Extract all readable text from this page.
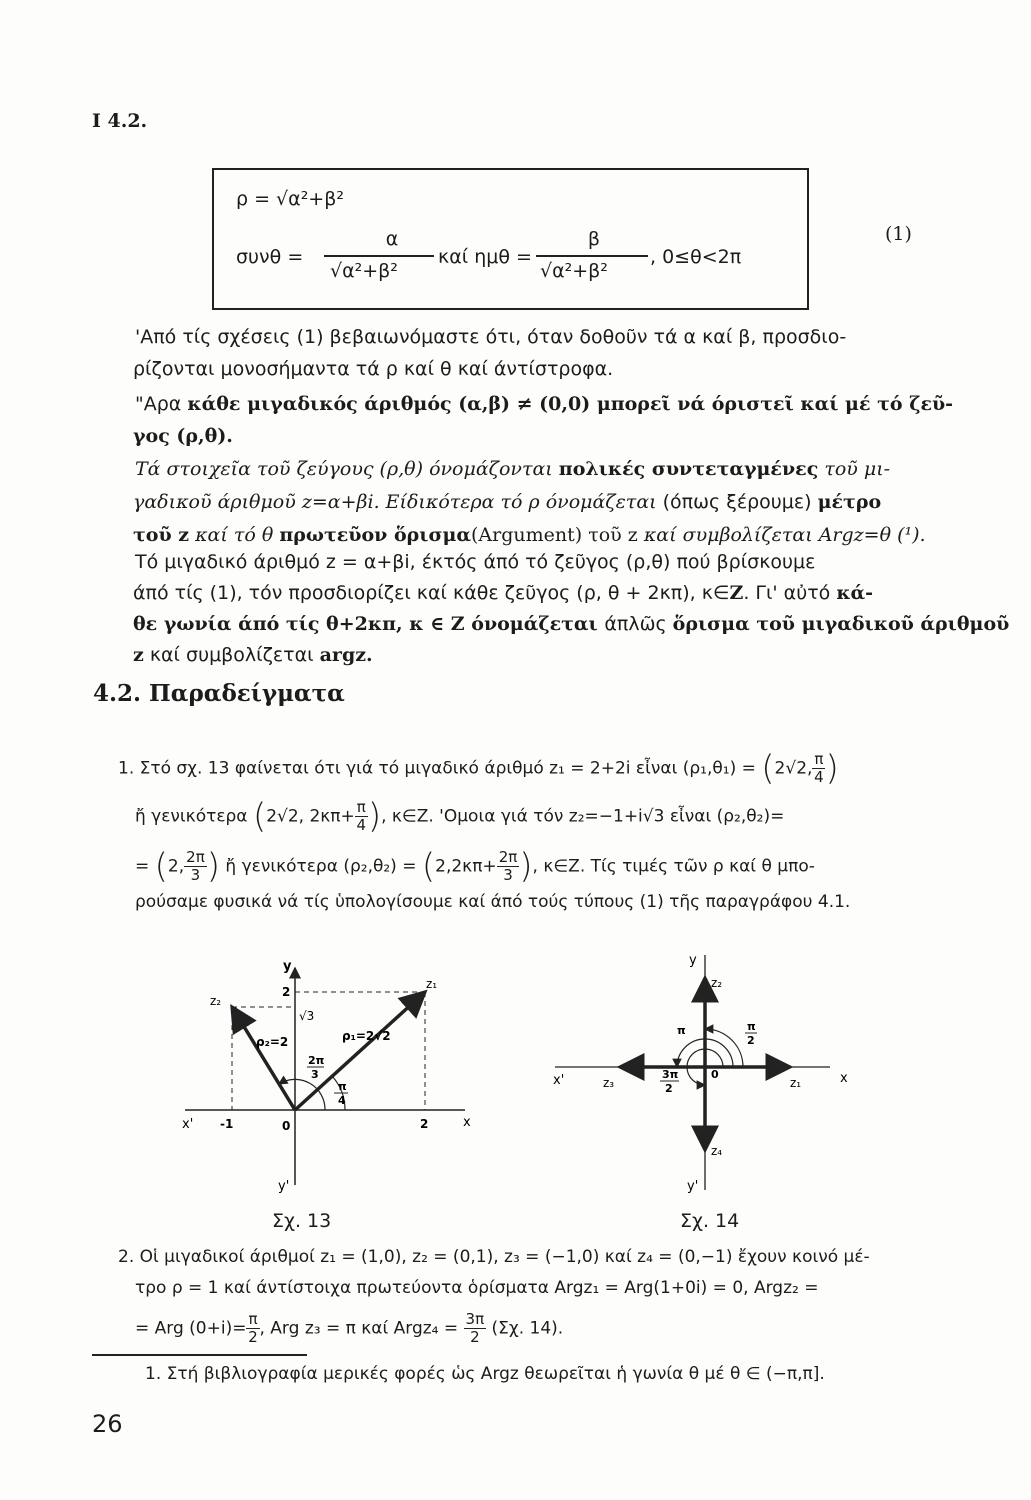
I 4.2.
ρ = √α²+β²
συνθ =
α
√α²+β²
καί ημθ =
β
√α²+β²
, 0≤θ<2π
(1)
'Από τίς σχέσεις (1) βεβαιωνόμαστε ότι, όταν δοθοῦν τά α καί β, προσδιο-
ρίζονται μονοσήμαντα τά ρ καί θ καί άντίστροφα.
"Αρα κάθε μιγαδικός άριθμός (α,β) ≠ (0,0) μπορεῖ νά όριστεῖ καί μέ τό ζεῦ-
γος (ρ,θ).
Τά στοιχεῖα τοῦ ζεύγους (ρ,θ) όνομάζονται πολικές συντεταγμένες τοῦ μι-
γαδικοῦ άριθμοῦ z=α+βi. Είδικότερα τό ρ όνομάζεται (όπως ξέρουμε) μέτρο
τοῦ z καί τό θ πρωτεῦον ὅρισμα(Argument) τοῦ z καί συμβολίζεται Argz=θ (¹).
Τό μιγαδικό άριθμό z = α+βi, έκτός άπό τό ζεῦγος (ρ,θ) πού βρίσκουμε
άπό τίς (1), τόν προσδιορίζει καί κάθε ζεῦγος (ρ, θ + 2κπ), κ∈Z. Γι' αὐτό κά-
θε γωνία άπό τίς θ+2κπ, κ ∈ Z όνομάζεται άπλῶς ὅρισμα τοῦ μιγαδικοῦ άριθμοῦ
z καί συμβολίζεται argz.
4.2. Παραδείγματα
1. Στό σχ. 13 φαίνεται ότι γιά τό μιγαδικό άριθμό z₁ = 2+2i εἶναι (ρ₁,θ₁) = (2√2, $\frac{\pi}{4}$ )
ἤ γενικότερα (2√2, $2\kappa\pi+ \frac{\pi}{4}$ ), κ∈Z. 'Ομοια γιά τόν z₂=−1+i√3 εἶναι (ρ₂,θ₂)=
= (2, $\frac{2\pi}{3}$ ) ἤ γενικότερα $(\rho_2,\theta_2) = (2,2\kappa\pi+ \frac{2\pi}{3}$ ), κ∈Z. Τίς τιμές τῶν ρ καί θ μπο-
ρούσαμε φυσικά νά τίς ὑπολογίσουμε καί άπό τούς τύπους (1) τῆς παραγράφου 4.1.
y
y'
x
x'
2
√3
-1	2
0
z₁
z₂
ρ₁=2√2
ρ₂=2
π
4
2π
3
Σχ. 13
y
y'
x
x'	0
z₁
z₂
z₃
z₄
π
2
π
3π
2
Σχ. 14
2. Οἱ μιγαδικοί άριθμοί z₁ = (1,0), z₂ = (0,1), z₃ = (−1,0) καί z₄ = (0,−1) ἔχουν κοινό μέ-
τρο ρ = 1 καί άντίστοιχα πρωτεύοντα ὁρίσματα Argz₁ = Arg(1+0i) = 0, Argz₂ =
= Arg $(0+i)= \frac{\pi}{2}$ , Arg z₃ = π καί Argz₄ = $\frac{3\pi}{2} (\Sigma\chi$. 14).
1. Στή βιβλιογραφία μερικές φορές ὡς Argz θεωρεῖται ἡ γωνία θ μέ θ ∈ (−π,π].
26
